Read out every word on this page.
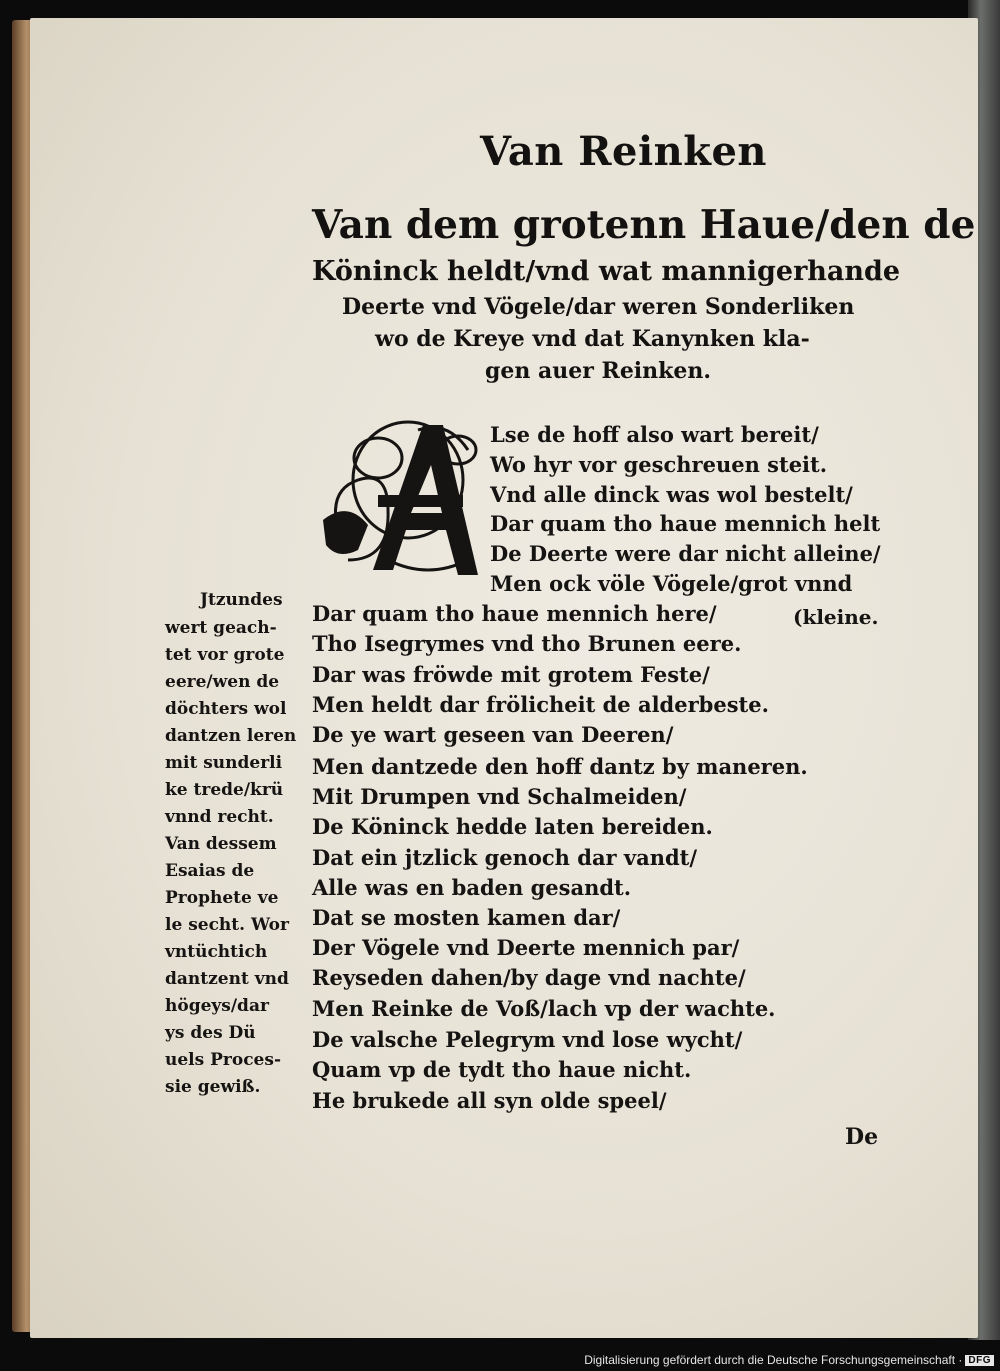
Van Reinken
Van dem grotenn Haue/den de
Köninck heldt/vnd wat mannigerhande
Deerte vnd Vögele/dar weren Sonderliken
wo de Kreye vnd dat Kanynken kla-
gen auer Reinken.
Lse de hoff also wart bereit/
Wo hyr vor geschreuen steit.
Vnd alle dinck was wol bestelt/
Dar quam tho haue mennich helt
De Deerte were dar nicht alleine/
Men ock völe Vögele/grot vnnd
Dar quam tho haue mennich here/	(kleine.
Tho Isegrymes vnd tho Brunen eere.
Dar was fröwde mit grotem Feste/
Men heldt dar frölicheit de alderbeste.
De ye wart geseen van Deeren/
Men dantzede den hoff dantz by maneren.
Mit Drumpen vnd Schalmeiden/
De Köninck hedde laten bereiden.
Dat ein jtzlick genoch dar vandt/
Alle was en baden gesandt.
Dat se mosten kamen dar/
Der Vögele vnd Deerte mennich par/
Reyseden dahen/by dage vnd nachte/
Men Reinke de Voß/lach vp der wachte.
De valsche Pelegrym vnd lose wycht/
Quam vp de tydt tho haue nicht.
He brukede all syn olde speel/
Jtzundes
wert geach-
tet vor grote
eere/wen de
döchters wol
dantzen leren
mit sunderli
ke trede/krü
vnnd recht.
Van dessem
Esaias de
Prophete ve
le secht. Wor
vntüchtich
dantzent vnd
högeys/dar
ys des Dü
uels Proces-
sie gewiß.
De
Digitalisierung gefördert durch die Deutsche Forschungsgemeinschaft · DFG
